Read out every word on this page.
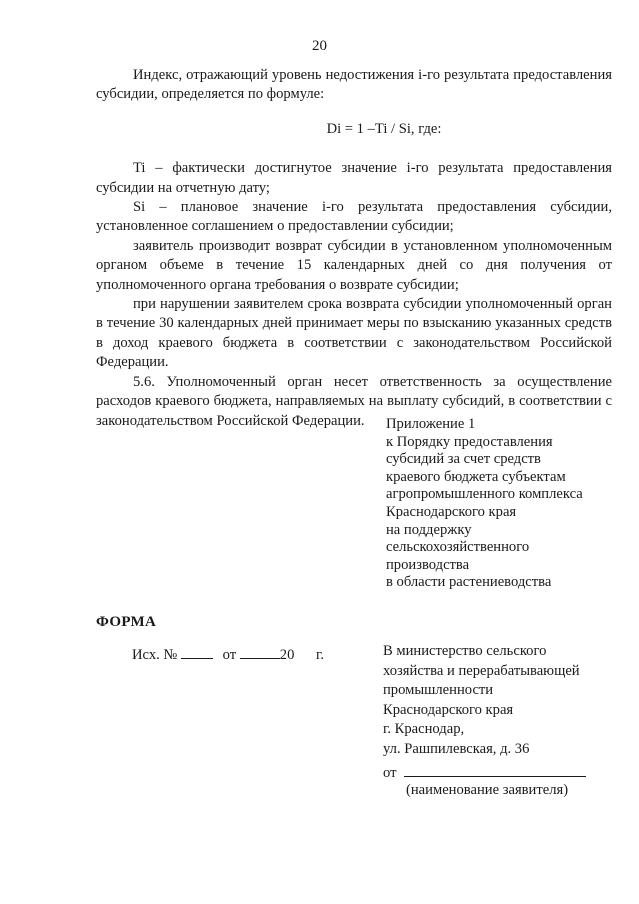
20

Индекс, отражающий уровень недостижения i-го результата предоставления субсидии, определяется по формуле:

Di = 1 –Ti / Si, где:

Ti – фактически достигнутое значение i-го результата предоставления субсидии на отчетную дату;

Si – плановое значение i-го результата предоставления субсидии, установленное соглашением о предоставлении субсидии;

заявитель производит возврат субсидии в установленном уполномоченным органом объеме в течение 15 календарных дней со дня получения от уполномоченного органа требования о возврате субсидии;

при нарушении заявителем срока возврата субсидии уполномоченный орган в течение 30 календарных дней принимает меры по взысканию указанных средств в доход краевого бюджета в соответствии с законодательством Российской Федерации.

5.6. Уполномоченный орган несет ответственность за осуществление расходов краевого бюджета, направляемых на выплату субсидий, в соответствии с законодательством Российской Федерации.	Приложение 1
к Порядку предоставления
субсидий за счет средств
краевого бюджета субъектам
агропромышленного комплекса
Краснодарского края
на поддержку
сельскохозяйственного
производства
в области растениеводства
ФОРМА
Исх. №	от	20 г.	В министерство сельского
хозяйства и перерабатывающей
промышленности
Краснодарского края
г. Краснодар,
ул. Рашпилевская, д. 36
от
(наименование заявителя)
